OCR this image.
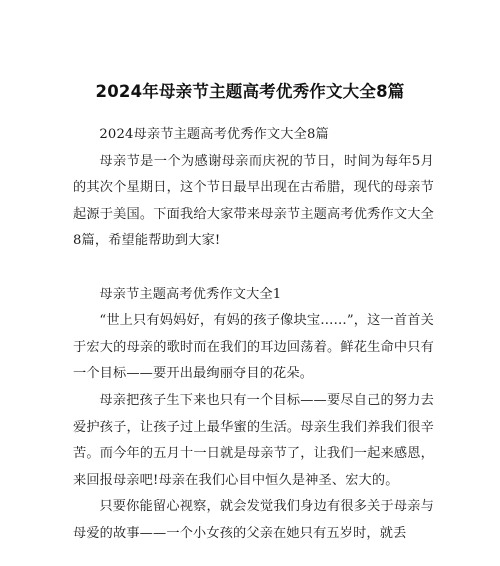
2024年母亲节主题高考优秀作文大全8篇

2024母亲节主题高考优秀作文大全8篇

母亲节是一个为感谢母亲而庆祝的节日，时间为每年5月的其次个星期日，这个节日最早出现在古希腊，现代的母亲节起源于美国。下面我给大家带来母亲节主题高考优秀作文大全8篇，希望能帮助到大家!

母亲节主题高考优秀作文大全1

“世上只有妈妈好，有妈的孩子像块宝……”，这一首首关于宏大的母亲的歌时而在我们的耳边回荡着。鲜花生命中只有一个目标——要开出最绚丽夺目的花朵。

母亲把孩子生下来也只有一个目标——要尽自己的努力去爱护孩子，让孩子过上最华蜜的生活。母亲生我们养我们很辛苦。而今年的五月十一日就是母亲节了，让我们一起来感恩，来回报母亲吧!母亲在我们心目中恒久是神圣、宏大的。

只要你能留心视察，就会发觉我们身边有很多关于母亲与母爱的故事——一个小女孩的父亲在她只有五岁时，就丢
